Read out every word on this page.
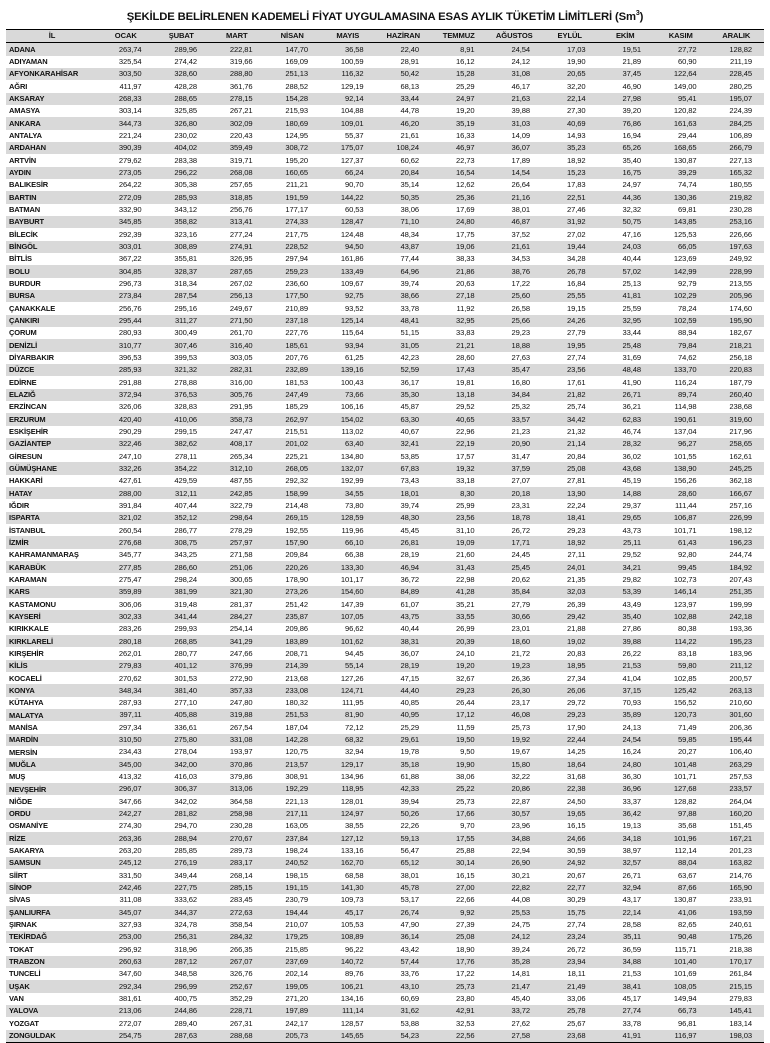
ŞEKİLDE BELİRLENEN KADEMELİ FİYAT UYGULAMASINA ESAS AYLIK TÜKETİM LİMİTLERİ (Sm$^3$)
İL	OCAK	ŞUBAT	MART	NİSAN	MAYIS	HAZİRAN	TEMMUZ	AĞUSTOS	EYLÜL	EKİM	KASIM	ARALIK
ADANA	263,74	289,96	222,81	147,70	36,58	22,40	8,91	24,54	17,03	19,51	27,72	128,82
ADIYAMAN	325,54	274,42	319,66	169,09	100,59	28,91	16,12	24,12	19,90	21,89	60,90	211,19
AFYONKARAHİSAR	303,50	328,60	288,80	251,13	116,32	50,42	15,28	31,08	20,65	37,45	122,64	228,45
AĞRI	411,97	428,28	361,76	288,52	129,19	68,13	25,29	46,17	32,20	46,90	149,00	280,25
AKSARAY	268,33	288,65	278,15	154,28	92,14	33,44	24,97	21,63	22,14	27,98	95,41	195,07
AMASYA	303,14	325,85	267,21	215,93	104,88	44,78	19,20	39,88	27,30	39,20	120,82	224,39
ANKARA	344,73	326,80	302,09	180,69	109,01	46,20	35,19	31,03	40,69	76,86	161,63	284,25
ANTALYA	221,24	230,02	220,43	124,95	55,37	21,61	16,33	14,09	14,93	16,94	29,44	106,89
ARDAHAN	390,39	404,02	359,49	308,72	175,07	108,24	46,97	36,07	35,23	65,26	168,65	266,79
ARTVİN	279,62	283,38	319,71	195,20	127,37	60,62	22,73	17,89	18,92	35,40	130,87	227,13
AYDIN	273,05	296,22	268,08	160,65	66,24	20,84	16,54	14,54	15,23	16,75	39,29	165,32
BALIKESİR	264,22	305,38	257,65	211,21	90,70	35,14	12,62	26,64	17,83	24,97	74,74	180,55
BARTIN	272,09	285,93	318,85	191,59	144,22	50,35	25,36	21,16	22,51	44,36	130,36	219,82
BATMAN	332,90	343,12	256,76	177,17	60,53	38,06	17,69	38,01	27,46	32,32	69,81	230,28
BAYBURT	345,85	358,82	313,41	274,33	128,47	71,10	24,80	46,87	31,92	50,75	143,85	253,16
BİLECİK	292,39	323,16	277,24	217,75	124,48	48,34	17,75	37,52	27,02	47,16	125,53	226,66
BİNGÖL	303,01	308,89	274,91	228,52	94,50	43,87	19,06	21,61	19,44	24,03	66,05	197,63
BİTLİS	367,22	355,81	326,95	297,94	161,86	77,44	38,33	34,53	34,28	40,44	123,69	249,92
BOLU	304,85	328,37	287,65	259,23	133,49	64,96	21,86	38,76	26,78	57,02	142,99	228,99
BURDUR	296,73	318,34	267,02	236,60	109,67	39,74	20,63	17,22	16,84	25,13	92,79	213,55
BURSA	273,84	287,54	256,13	177,50	92,75	38,66	27,18	25,60	25,55	41,81	102,29	205,96
ÇANAKKALE	256,76	295,16	249,67	210,89	93,52	33,78	11,92	26,58	19,15	25,59	78,24	174,60
ÇANKIRI	295,44	311,27	271,50	237,18	125,14	48,41	32,95	25,66	24,26	32,95	102,59	195,90
ÇORUM	280,93	300,49	261,70	227,76	115,64	51,15	33,83	29,23	27,79	33,44	88,94	182,67
DENİZLİ	310,77	307,46	316,40	185,61	93,94	31,05	21,21	18,88	19,95	25,48	79,84	218,21
DİYARBAKIR	396,53	399,53	303,05	207,76	61,25	42,23	28,60	27,63	27,74	31,69	74,62	256,18
DÜZCE	285,93	321,32	282,31	232,89	139,16	52,59	17,43	35,47	23,56	48,48	133,70	220,83
EDİRNE	291,88	278,88	316,00	181,53	100,43	36,17	19,81	16,80	17,61	41,90	116,24	187,79
ELAZIĞ	372,94	376,53	305,76	247,49	73,66	35,30	13,18	34,84	21,82	26,71	89,74	260,40
ERZİNCAN	326,06	328,83	291,95	185,29	106,16	45,87	29,52	25,32	25,74	36,21	114,98	238,68
ERZURUM	420,40	410,06	358,73	262,97	154,02	63,30	40,65	33,57	34,42	62,83	190,61	319,60
ESKİŞEHİR	290,29	299,15	247,47	215,51	113,02	40,67	22,96	21,23	21,32	46,74	137,04	217,96
GAZİANTEP	322,46	382,62	408,17	201,02	63,40	32,41	22,19	20,90	21,14	28,32	96,27	258,65
GİRESUN	247,10	278,11	265,34	225,21	134,80	53,85	17,57	31,47	20,84	36,02	101,55	162,61
GÜMÜŞHANE	332,26	354,22	312,10	268,05	132,07	67,83	19,32	37,59	25,08	43,68	138,90	245,25
HAKKARİ	427,61	429,59	487,55	292,32	192,99	73,43	33,18	27,07	27,81	45,19	156,26	362,18
HATAY	288,00	312,11	242,85	158,99	34,55	18,01	8,30	20,18	13,90	14,88	28,60	166,67
IĞDIR	391,84	407,44	322,79	214,48	73,80	39,74	25,99	23,31	22,24	29,37	111,44	257,16
ISPARTA	321,02	352,12	298,64	269,15	128,59	48,30	23,56	18,78	18,41	29,65	106,87	226,99
İSTANBUL	260,54	286,77	278,29	192,55	119,96	45,45	31,10	26,72	29,23	43,73	101,71	198,12
İZMİR	276,68	308,75	257,97	157,90	66,10	26,81	19,09	17,71	18,92	25,11	61,43	196,23
KAHRAMANMARAŞ	345,77	343,25	271,58	209,84	66,38	28,19	21,60	24,45	27,11	29,52	92,80	244,74
KARABÜK	277,85	286,60	251,06	220,26	133,30	46,94	31,43	25,45	24,01	34,21	99,45	184,92
KARAMAN	275,47	298,24	300,65	178,90	101,17	36,72	22,98	20,62	21,35	29,82	102,73	207,43
KARS	359,89	381,99	321,30	273,26	154,60	84,89	41,28	35,84	32,03	53,39	146,14	251,35
KASTAMONU	306,06	319,48	281,37	251,42	147,39	61,07	35,21	27,79	26,39	43,49	123,97	199,99
KAYSERİ	302,33	341,44	284,27	235,87	107,05	43,75	33,55	30,66	29,42	35,40	102,88	242,18
KIRIKKALE	283,26	299,93	254,14	209,86	96,62	40,44	26,99	23,01	21,88	27,86	80,38	193,36
KIRKLARELİ	280,18	268,85	341,29	183,89	101,62	38,31	20,39	18,60	19,02	39,88	114,22	195,23
KIRŞEHİR	262,01	280,77	247,66	208,71	94,45	36,07	24,10	21,72	20,83	26,22	83,18	183,96
KİLİS	279,83	401,12	376,99	214,39	55,14	28,19	19,20	19,23	18,95	21,53	59,80	211,12
KOCAELİ	270,62	301,53	272,90	213,68	127,26	47,15	32,67	26,36	27,34	41,04	102,85	200,57
KONYA	348,34	381,40	357,33	233,08	124,71	44,40	29,23	26,30	26,06	37,15	125,42	263,13
KÜTAHYA	287,93	277,10	247,80	180,32	111,95	40,85	26,44	23,17	29,72	70,93	156,52	210,60
MALATYA	397,11	405,88	319,88	251,53	81,90	40,95	17,12	46,08	29,23	35,89	120,73	301,60
MANİSA	297,34	336,61	267,54	187,04	72,12	25,29	11,59	25,73	17,90	24,13	71,49	206,36
MARDİN	310,50	275,80	331,08	142,28	68,32	29,61	19,50	19,92	22,44	24,54	59,85	195,44
MERSİN	234,43	278,04	193,97	120,75	32,94	19,78	9,50	19,67	14,25	16,24	20,27	106,40
MUĞLA	345,00	342,00	370,86	213,57	129,17	35,18	19,90	15,80	18,64	24,80	101,48	263,29
MUŞ	413,32	416,03	379,86	308,91	134,96	61,88	38,06	32,22	31,68	36,30	101,71	257,53
NEVŞEHİR	296,07	306,37	313,06	192,29	118,95	42,33	25,22	20,86	22,38	36,96	127,68	233,57
NİĞDE	347,66	342,02	364,58	221,13	128,01	39,94	25,73	22,87	24,50	33,37	128,82	264,04
ORDU	242,27	281,82	258,98	217,11	124,97	50,26	17,66	30,57	19,65	36,42	97,88	160,20
OSMANİYE	274,30	294,70	230,28	163,05	38,55	22,26	9,70	23,96	16,15	19,13	35,68	151,45
RİZE	263,36	288,94	270,67	237,84	127,12	59,13	17,55	34,88	24,66	34,18	101,96	167,21
SAKARYA	263,20	285,85	289,73	198,24	133,16	56,47	25,88	22,94	30,59	38,97	112,14	201,23
SAMSUN	245,12	276,19	283,17	240,52	162,70	65,12	30,14	26,90	24,92	32,57	88,04	163,82
SİİRT	331,50	349,44	268,14	198,15	68,58	38,01	16,15	30,21	20,67	26,71	63,67	214,76
SİNOP	242,46	227,75	285,15	191,15	141,30	45,78	27,00	22,82	22,77	32,94	87,66	165,90
SİVAS	311,08	333,62	283,45	230,79	109,73	53,17	22,66	44,08	30,29	43,17	130,87	233,91
ŞANLIURFA	345,07	344,37	272,63	194,44	45,17	26,74	9,92	25,53	15,75	22,14	41,06	193,59
ŞIRNAK	327,93	324,78	358,54	210,07	105,53	47,90	27,39	24,75	27,74	28,58	82,65	240,61
TEKİRDAĞ	253,00	256,31	284,32	179,25	108,89	36,14	25,08	24,12	23,24	35,11	90,48	175,26
TOKAT	296,92	318,96	266,35	215,85	96,22	43,42	18,90	39,24	26,72	36,59	115,71	218,38
TRABZON	260,63	287,12	267,07	237,69	140,72	57,44	17,76	35,28	23,94	34,88	101,40	170,17
TUNCELİ	347,60	348,58	326,76	202,14	89,76	33,76	17,22	14,81	18,11	21,53	101,69	261,84
UŞAK	292,34	296,99	252,67	199,05	106,21	43,10	25,73	21,47	21,49	38,41	108,05	215,15
VAN	381,61	400,75	352,29	271,20	134,16	60,69	23,80	45,40	33,06	45,17	149,94	279,83
YALOVA	213,06	244,86	228,71	197,89	111,14	31,62	42,91	33,72	25,78	27,74	66,73	145,41
YOZGAT	272,07	289,40	267,31	242,17	128,57	53,88	32,53	27,62	25,67	33,78	96,81	183,14
ZONGULDAK	254,75	287,63	288,68	205,73	145,65	54,23	22,56	27,58	23,68	41,91	116,97	198,03
